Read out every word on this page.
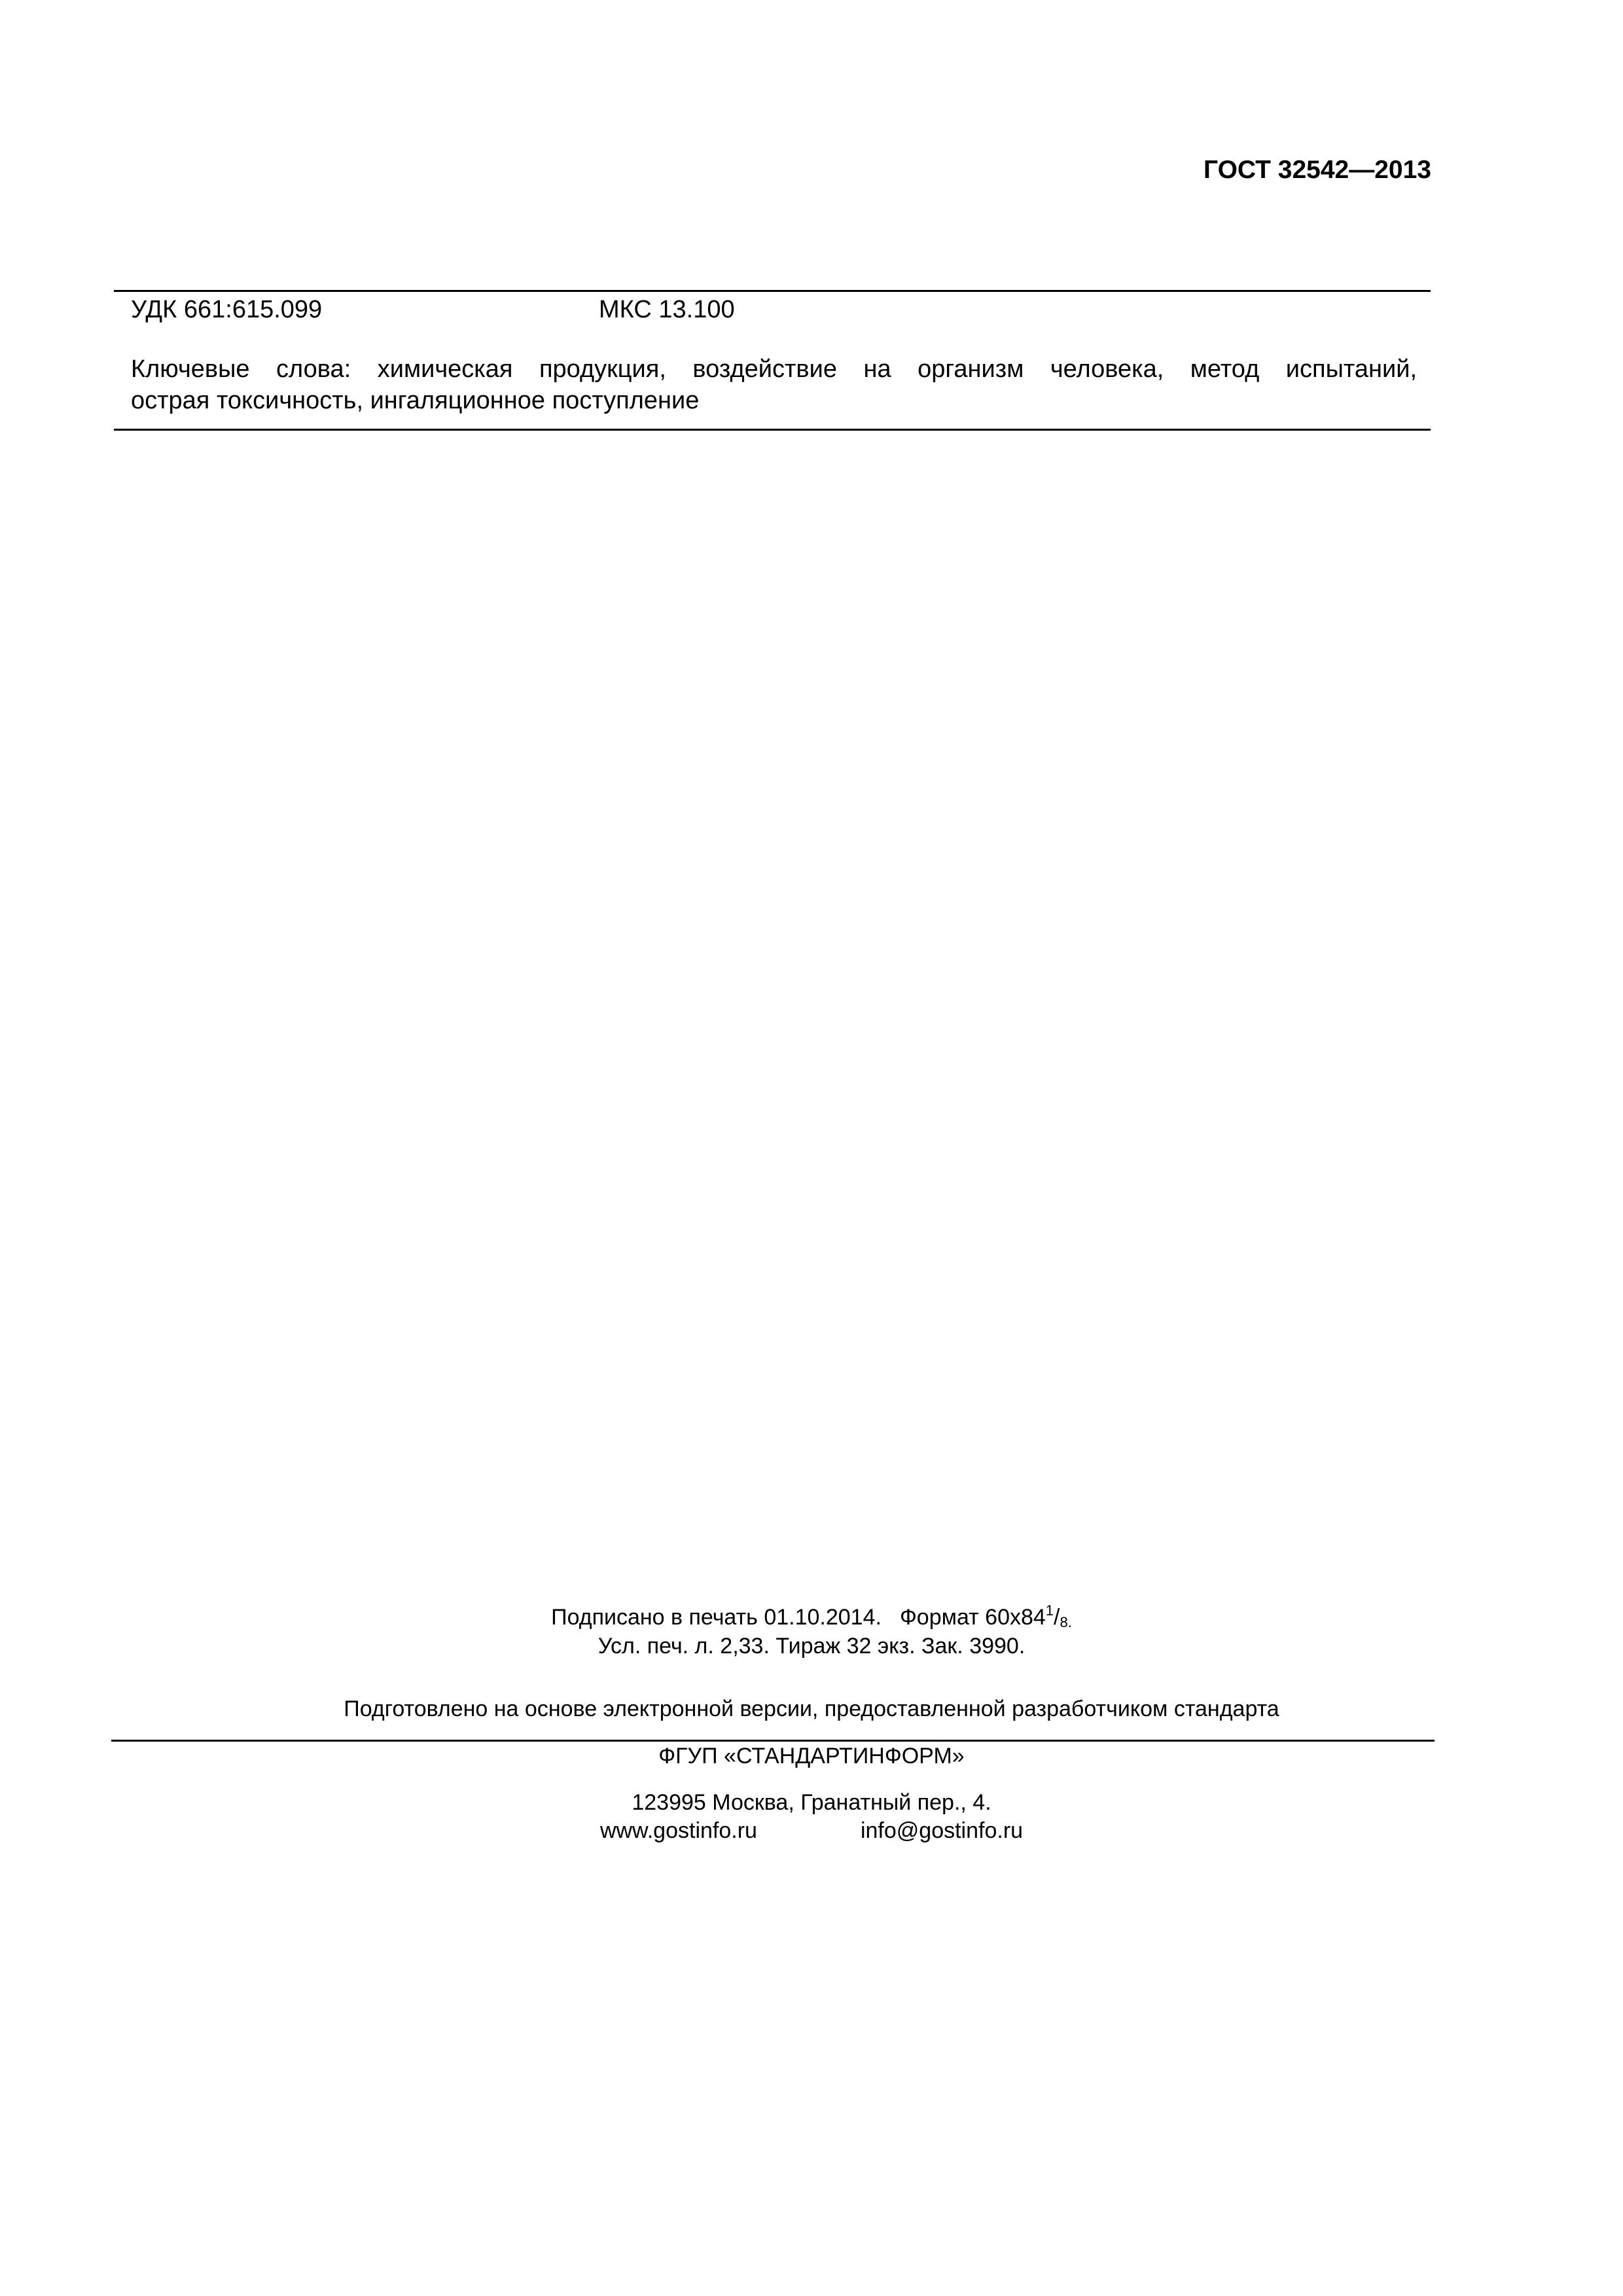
ГОСТ 32542—2013
УДК 661:615.099	МКС 13.100
Ключевые слова: химическая продукция, воздействие на организм человека, метод испытаний,
острая токсичность, ингаляционное поступление
Подписано в печать 01.10.2014. Формат $60x84^1/_{8.}$
Усл. печ. л. 2,33. Тираж 32 экз. Зак. 3990.
Подготовлено на основе электронной версии, предоставленной разработчиком стандарта
ФГУП «СТАНДАРТИНФОРМ»
123995 Москва, Гранатный пер., 4.
www.gostinfo.ru	info@gostinfo.ru
